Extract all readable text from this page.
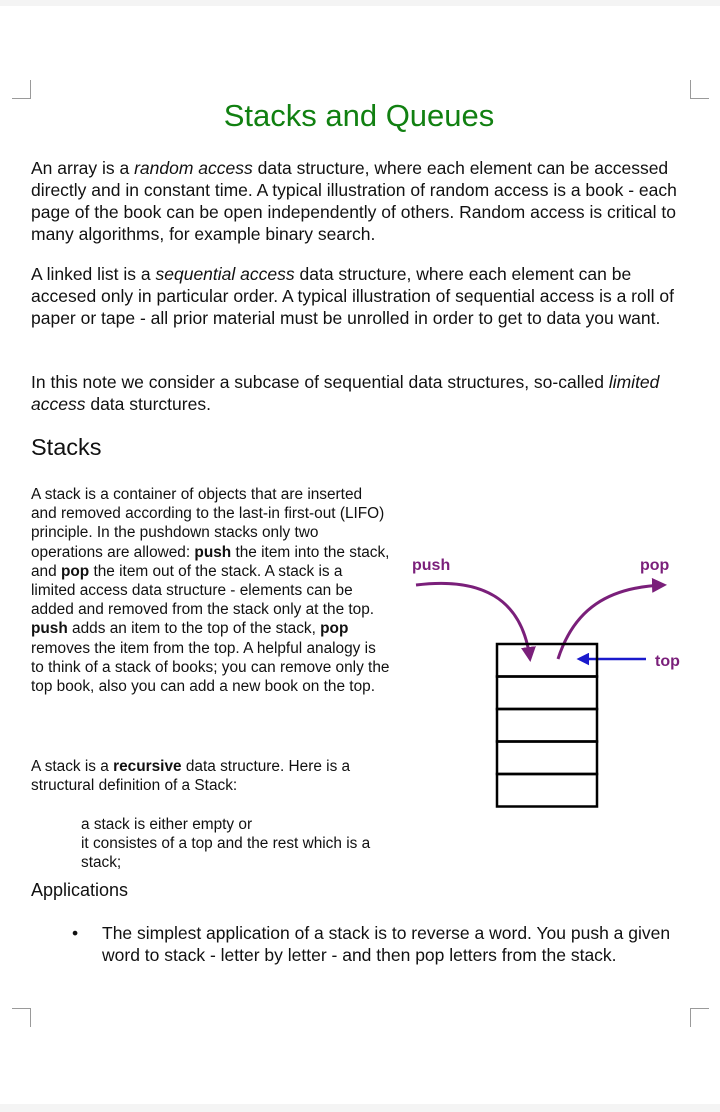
Stacks and Queues

An array is a random access data structure, where each element can be accessed directly and in constant time. A typical illustration of random access is a book - each page of the book can be open independently of others. Random access is critical to many algorithms, for example binary search.

A linked list is a sequential access data structure, where each element can be accesed only in particular order. A typical illustration of sequential access is a roll of paper or tape - all prior material must be unrolled in order to get to data you want.

In this note we consider a subcase of sequential data structures, so-called limited access data sturctures.

Stacks

A stack is a container of objects that are inserted and removed according to the last-in first-out (LIFO) principle. In the pushdown stacks only two operations are allowed: push the item into the stack, and pop the item out of the stack. A stack is a limited access data structure - elements can be added and removed from the stack only at the top. push adds an item to the top of the stack, pop removes the item from the top. A helpful analogy is to think of a stack of books; you can remove only the top book, also you can add a new book on the top.

A stack is a recursive data structure. Here is a structural definition of a Stack:

a stack is either empty or
it consistes of a top and the rest which is a stack;
push	pop
top
Applications
• The simplest application of a stack is to reverse a word. You push a given word to stack - letter by letter - and then pop letters from the stack.
